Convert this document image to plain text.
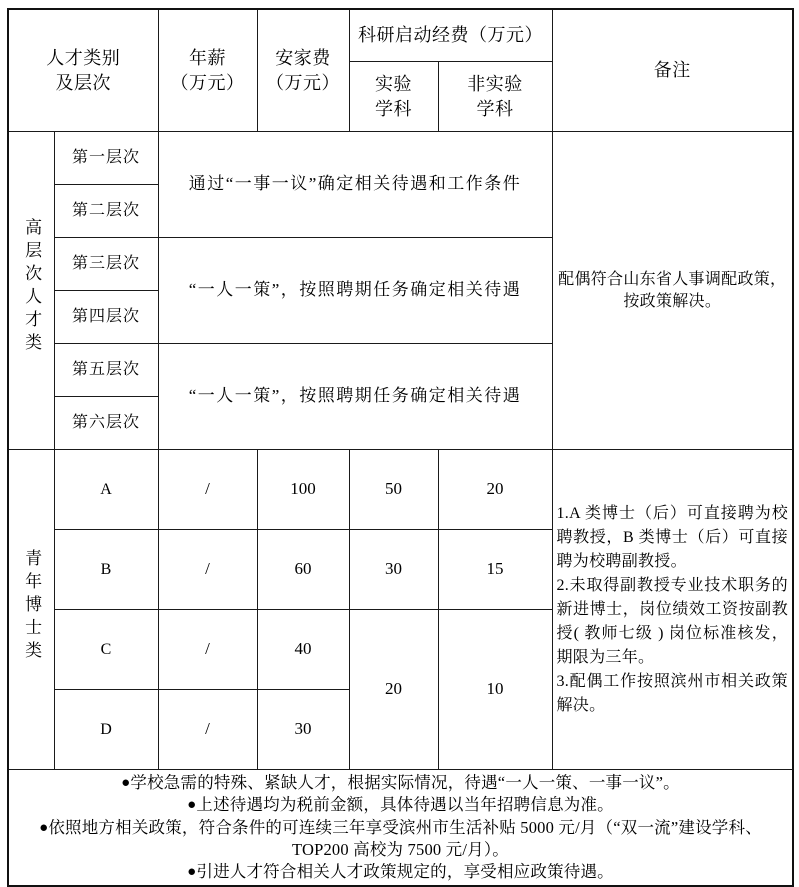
人才类别
及层次

年薪
（万元）

安家费
（万元）
	科研启动经费（万元）	备注

实验
学科

非实验
学科

高层次人才类	第一层次	通过“一事一议”确定相关待遇和工作条件				配偶符合山东省人事调配政策，按政策解决。
	第二层次					
	第三层次	“一人一策”，按照聘期任务确定相关待遇				
	第四层次					
	第五层次	“一人一策”，按照聘期任务确定相关待遇				
	第六层次					
青年博士类	A	/	100	50	20	1.A 类博士（后）可直接聘为校聘教授，B 类博士（后）可直接聘为校聘副教授。
2.未取得副教授专业技术职务的新进博士，岗位绩效工资按副教授( 教师七级 ) 岗位标准核发，期限为三年。
3.配偶工作按照滨州市相关政策解决。

	B	/	60	30	15	
	C	/	40	20	10	
	D	/	30			

●学校急需的特殊、紧缺人才，根据实际情况，待遇“一人一策、一事一议”。
●上述待遇均为税前金额，具体待遇以当年招聘信息为准。
●依照地方相关政策，符合条件的可连续三年享受滨州市生活补贴 5000 元/月（“双一流”建设学科、TOP200 高校为 7500 元/月）。
●引进人才符合相关人才政策规定的，享受相应政策待遇。						
